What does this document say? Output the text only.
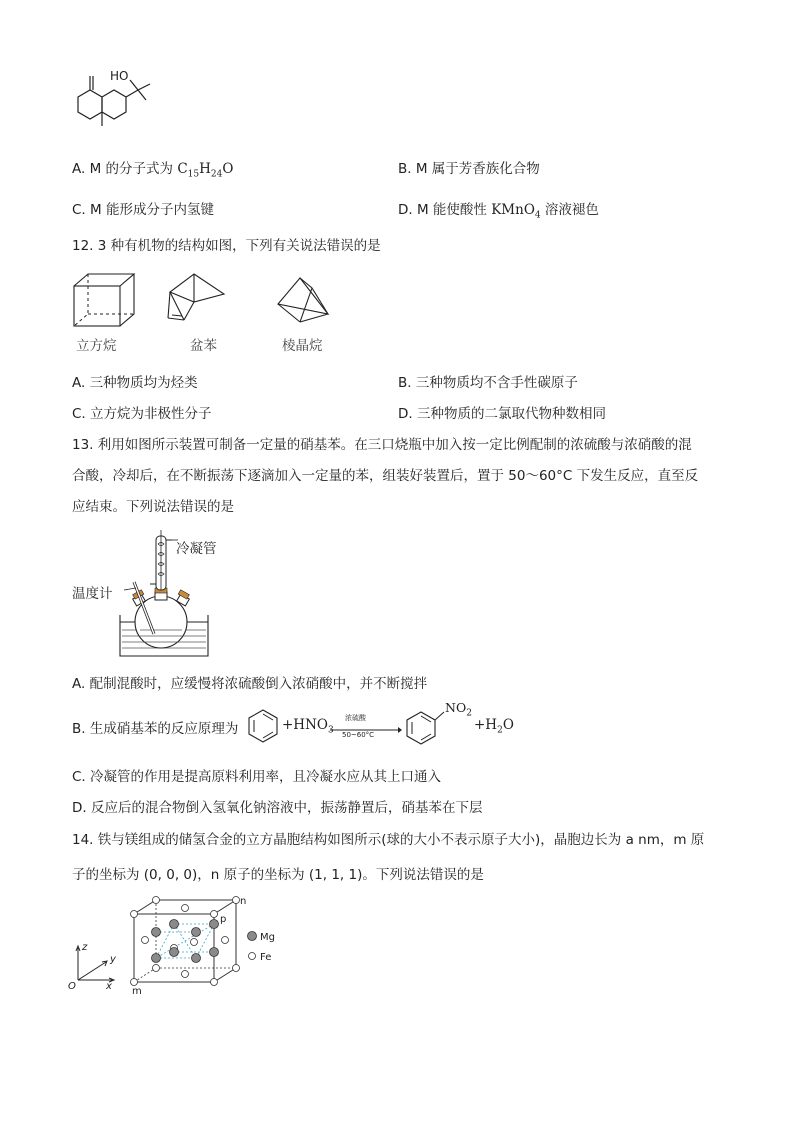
HO
A. M 的分子式为 $C_{15}H_{24}O$	B. M 属于芳香族化合物
C. M 能形成分子内氢键	D. M 能使酸性 KMnO$_4$ 溶液褪色
12. 3 种有机物的结构如图，下列有关说法错误的是
立方烷	盆苯	棱晶烷
A. 三种物质均为烃类	B. 三种物质均不含手性碳原子
C. 立方烷为非极性分子	D. 三种物质的二氯取代物种数相同
13. 利用如图所示装置可制备一定量的硝基苯。在三口烧瓶中加入按一定比例配制的浓硫酸与浓硝酸的混
合酸，冷却后，在不断振荡下逐滴加入一定量的苯，组装好装置后，置于 50～60°C 下发生反应，直至反
应结束。下列说法错误的是
冷凝管
温度计
A. 配制混酸时，应缓慢将浓硫酸倒入浓硝酸中，并不断搅拌
B. 生成硝基苯的反应原理为	$+HNO_3$
浓硫酸
50~60°C
$NO_2$
$+H_2O$
C. 冷凝管的作用是提高原料利用率，且冷凝水应从其上口通入
D. 反应后的混合物倒入氢氧化钠溶液中，振荡静置后，硝基苯在下层
14. 铁与镁组成的储氢合金的立方晶胞结构如图所示(球的大小不表示原子大小)，晶胞边长为 a nm，m 原
子的坐标为 (0, 0, 0)，n 原子的坐标为 (1, 1, 1)。下列说法错误的是
z
y
x
O
n
p
m
Mg
Fe
